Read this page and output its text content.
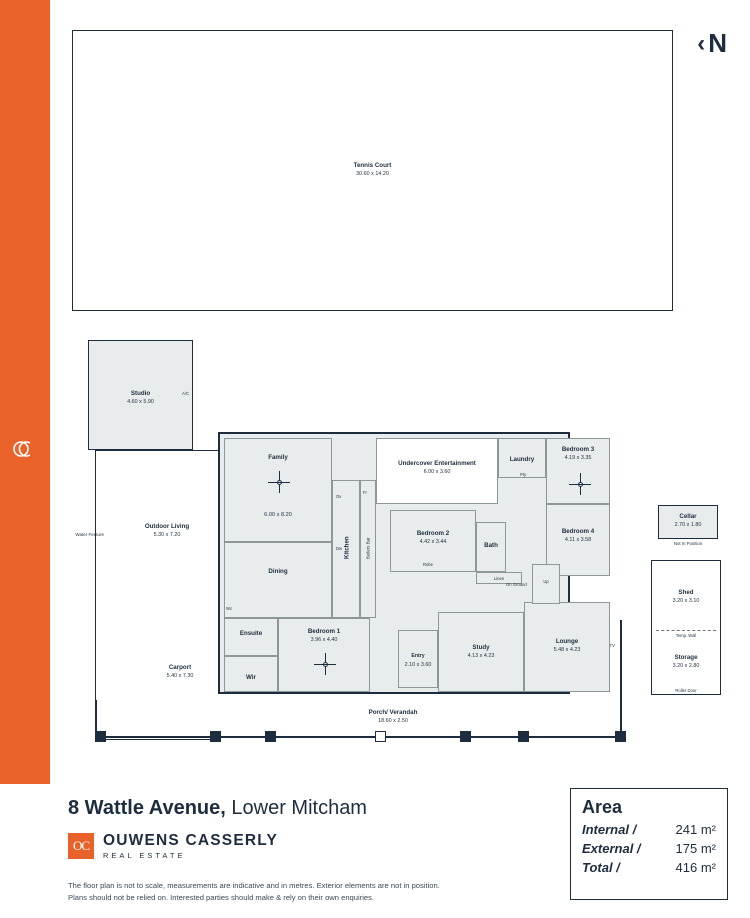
‹ N
Tennis Court
30.60 x 14.20
Studio
4.60 x 5.90
A/C
Outdoor Living
5.30 x 7.20
Carport
5.40 x 7.30
Water Feature
Family
6.00 x 8.20
Dining
Kitchen	Butlers Bar
Undercover Entertainment
6.00 x 3.60
Laundry
Bedroom 3
4.19 x 3.35
Bedroom 4
4.11 x 3.58
Bedroom 2
4.42 x 3.44
Robe
Bath
Linen
Ensuite
Wir
Bedroom 1
3.96 x 4.40
Entry
2.10 x 3.60
Study
4.13 x 4.23
Lounge
5.48 x 4.23
TV
Up
On Ground
Dw
Ov
Fr
Pty
Wc
Cellar
2.70 x 1.80
Not In Position
Shed
3.20 x 3.10
Temp. Wall
Storage
3.20 x 2.80
Roller Door
Porch/ Verandah
18.60 x 2.50
8 Wattle Avenue, Lower Mitcham
OC OUWENS CASSERLY
REAL ESTATE
The floor plan is not to scale, measurements are indicative and in metres. Exterior elements are not in position.
Plans should not be relied on. Interested parties should make & rely on their own enquiries.
Area
Internal /	241 m²
External /	175 m²
Total /	416 m²
